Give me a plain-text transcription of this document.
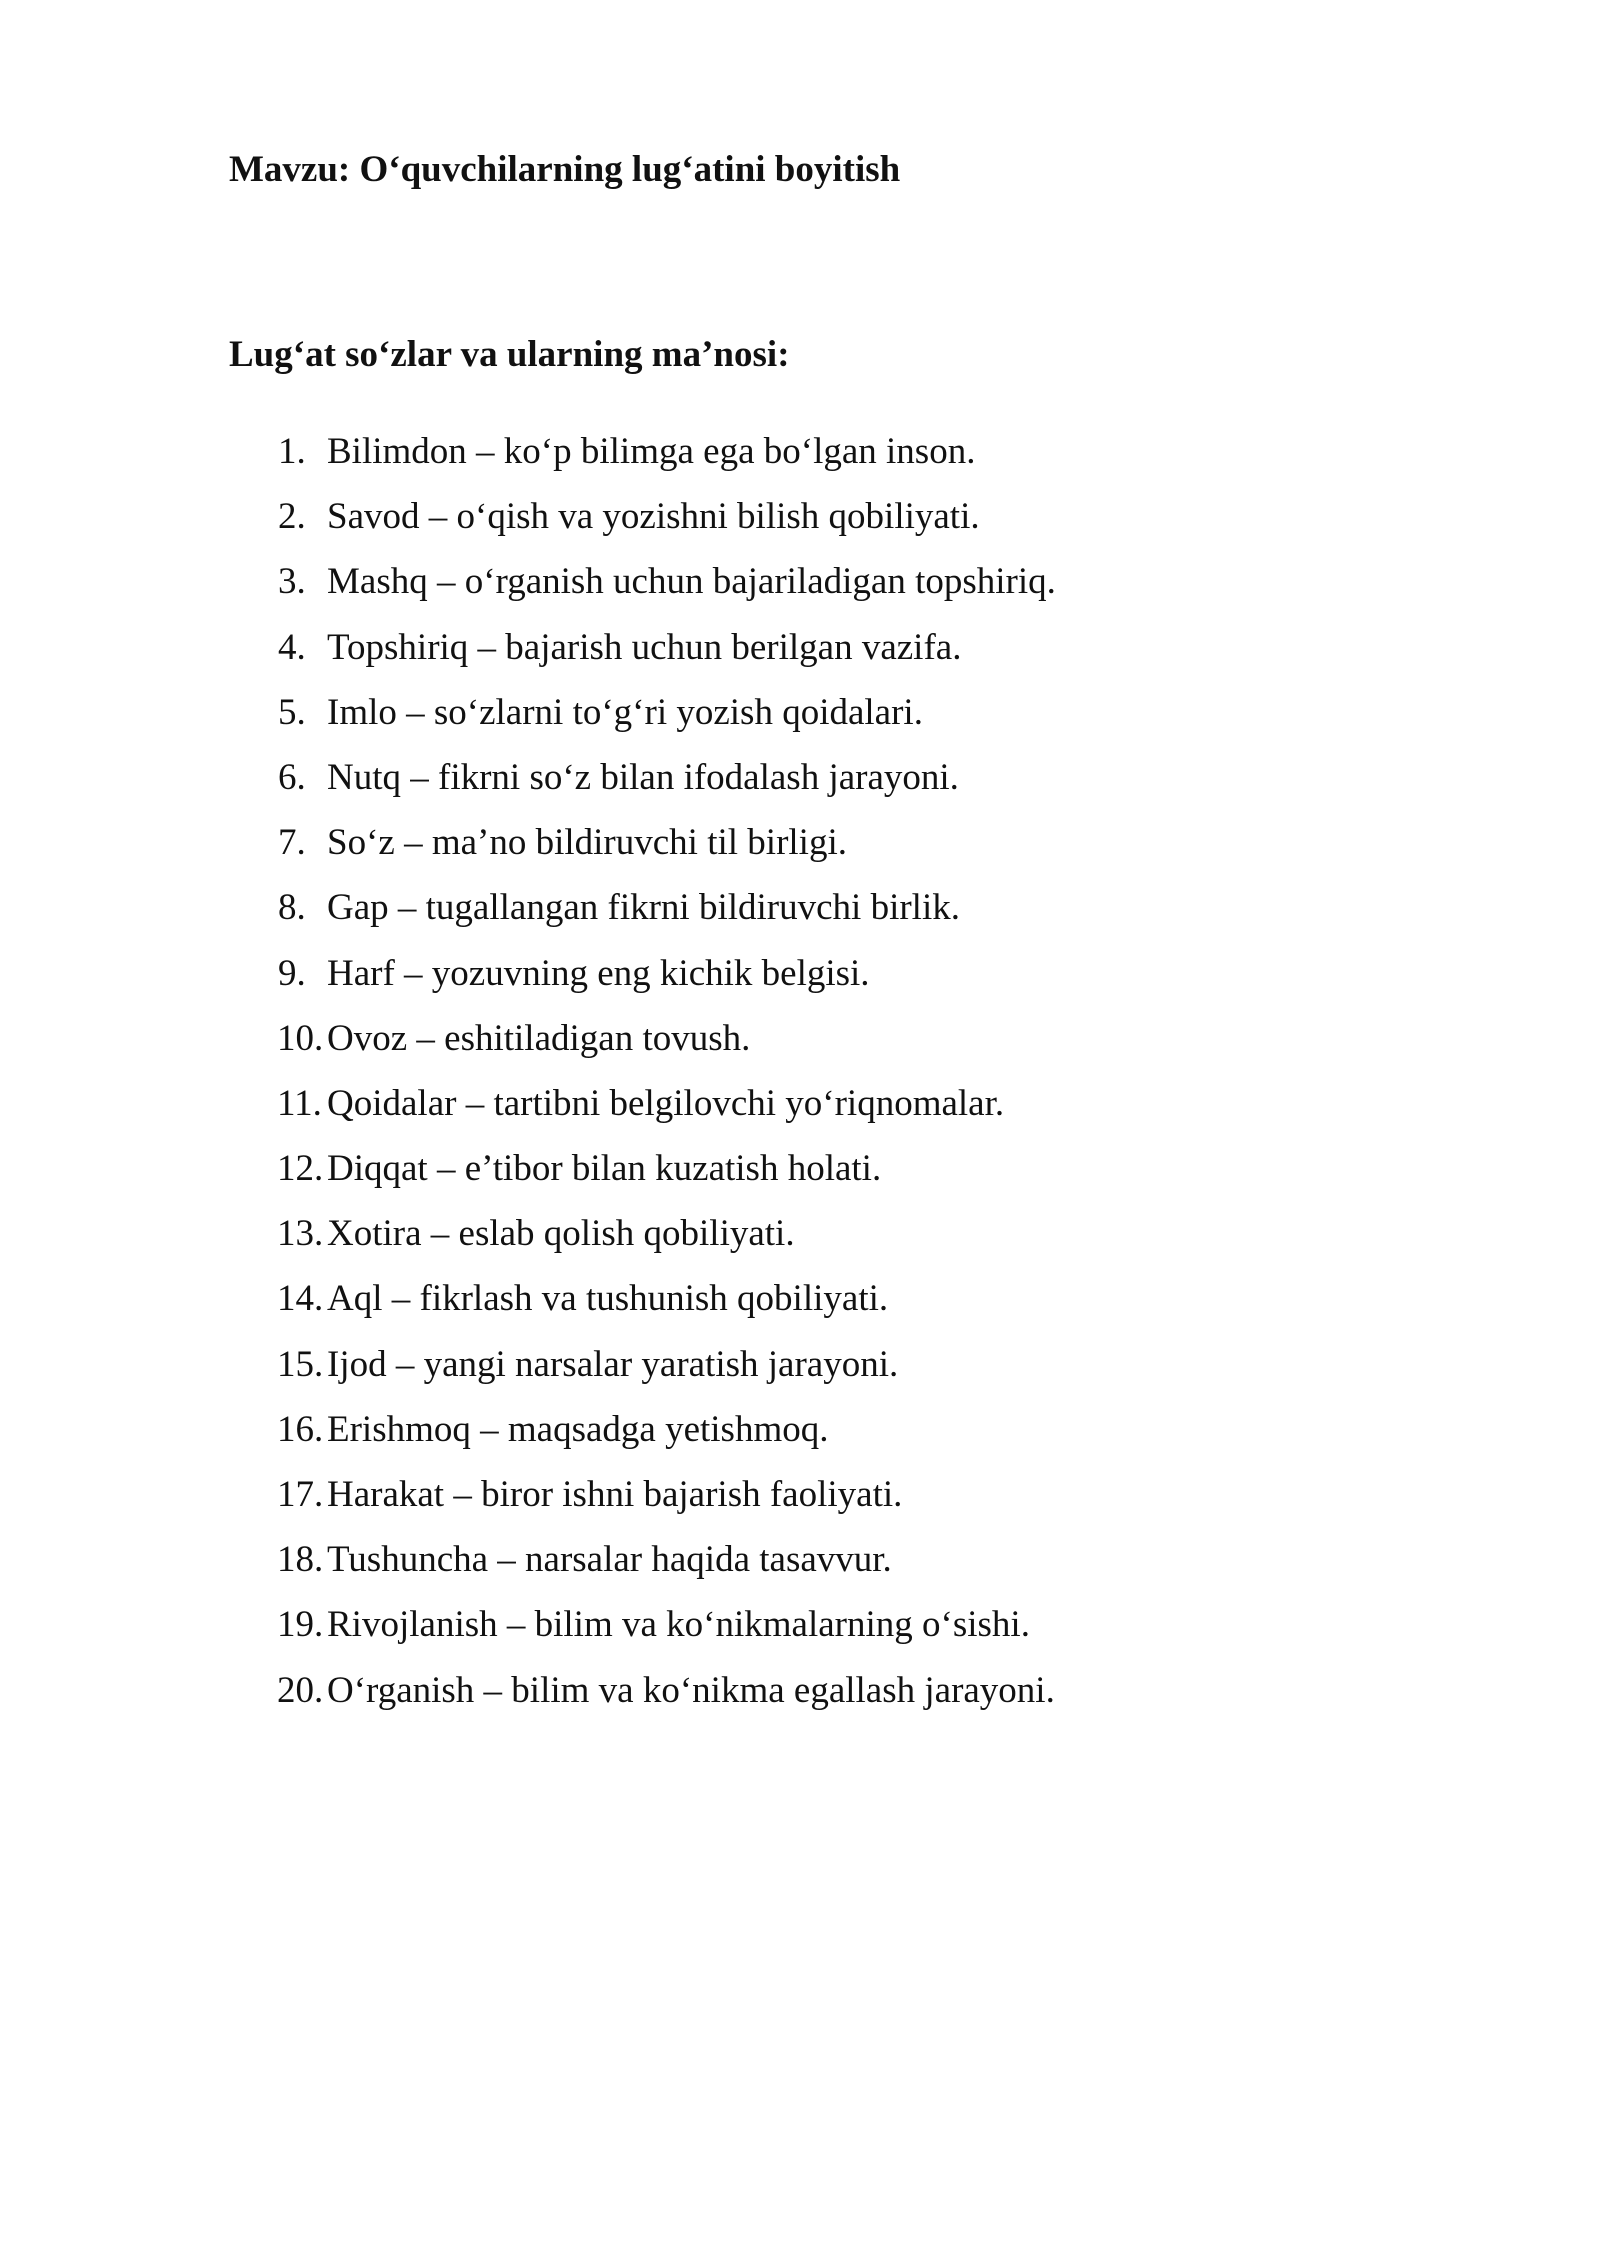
Mavzu: O‘quvchilarning lug‘atini boyitish
Lug‘at so‘zlar va ularning ma’nosi:
1. Bilimdon – ko‘p bilimga ega bo‘lgan inson.
2. Savod – o‘qish va yozishni bilish qobiliyati.
3. Mashq – o‘rganish uchun bajariladigan topshiriq.
4. Topshiriq – bajarish uchun berilgan vazifa.
5. Imlo – so‘zlarni to‘g‘ri yozish qoidalari.
6. Nutq – fikrni so‘z bilan ifodalash jarayoni.
7. So‘z – ma’no bildiruvchi til birligi.
8. Gap – tugallangan fikrni bildiruvchi birlik.
9. Harf – yozuvning eng kichik belgisi.
10. Ovoz – eshitiladigan tovush.
11. Qoidalar – tartibni belgilovchi yo‘riqnomalar.
12. Diqqat – e’tibor bilan kuzatish holati.
13. Xotira – eslab qolish qobiliyati.
14. Aql – fikrlash va tushunish qobiliyati.
15. Ijod – yangi narsalar yaratish jarayoni.
16. Erishmoq – maqsadga yetishmoq.
17. Harakat – biror ishni bajarish faoliyati.
18. Tushuncha – narsalar haqida tasavvur.
19. Rivojlanish – bilim va ko‘nikmalarning o‘sishi.
20. O‘rganish – bilim va ko‘nikma egallash jarayoni.
